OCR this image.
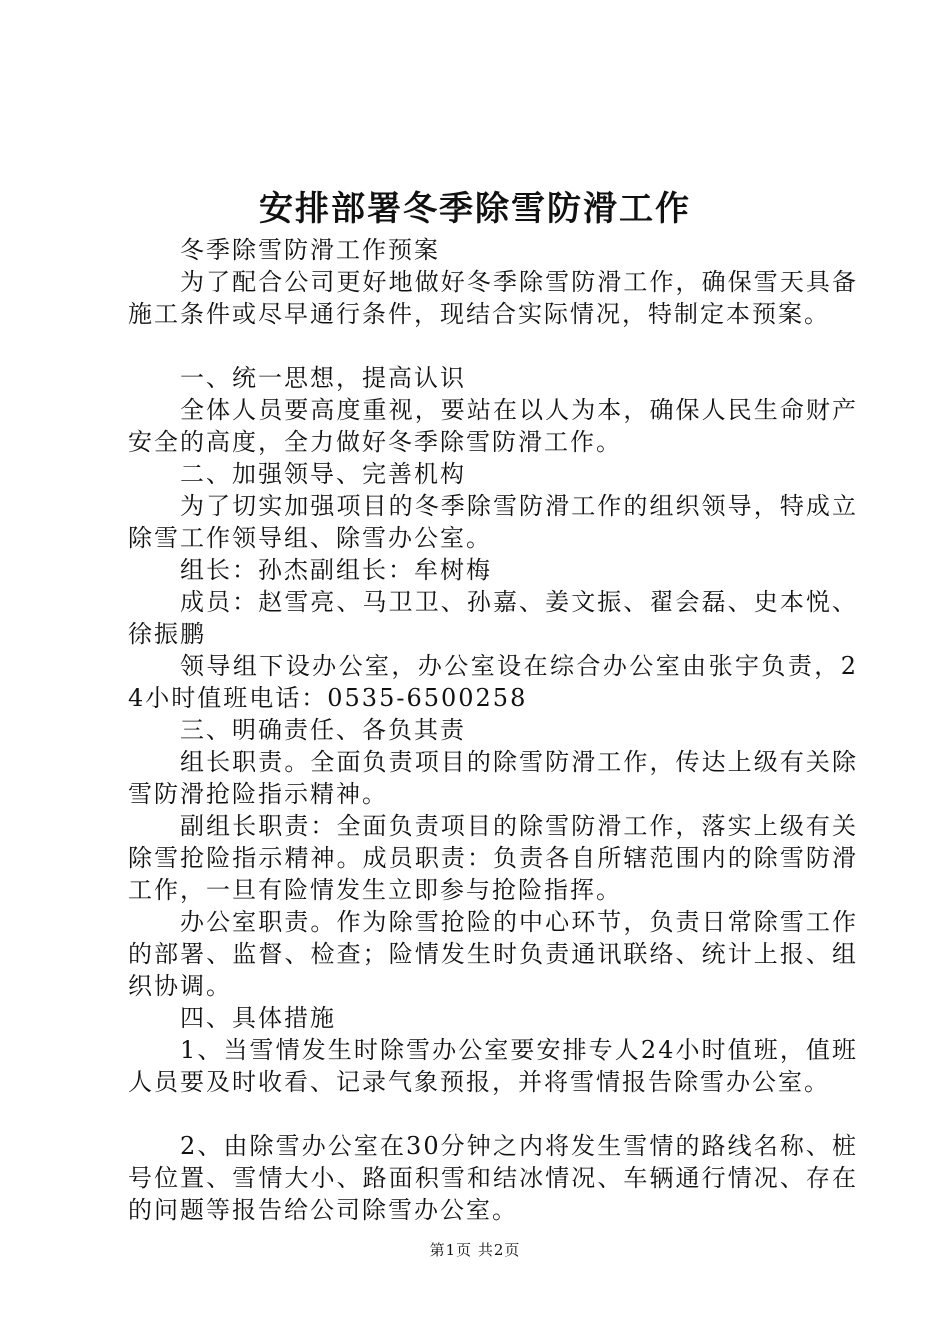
安排部署冬季除雪防滑工作

冬季除雪防滑工作预案

为了配合公司更好地做好冬季除雪防滑工作，确保雪天具备施工条件或尽早通行条件，现结合实际情况，特制定本预案。

一、统一思想，提高认识

全体人员要高度重视，要站在以人为本，确保人民生命财产安全的高度，全力做好冬季除雪防滑工作。

二、加强领导、完善机构

为了切实加强项目的冬季除雪防滑工作的组织领导，特成立除雪工作领导组、除雪办公室。

组长：孙杰副组长：牟树梅

成员：赵雪亮、马卫卫、孙嘉、姜文振、翟会磊、史本悦、徐振鹏

领导组下设办公室，办公室设在综合办公室由张宇负责，24小时值班电话：0535-6500258

三、明确责任、各负其责

组长职责。全面负责项目的除雪防滑工作，传达上级有关除雪防滑抢险指示精神。

副组长职责：全面负责项目的除雪防滑工作，落实上级有关除雪抢险指示精神。成员职责：负责各自所辖范围内的除雪防滑工作，一旦有险情发生立即参与抢险指挥。

办公室职责。作为除雪抢险的中心环节，负责日常除雪工作的部署、监督、检查；险情发生时负责通讯联络、统计上报、组织协调。

四、具体措施

1、当雪情发生时除雪办公室要安排专人24小时值班，值班人员要及时收看、记录气象预报，并将雪情报告除雪办公室。

2、由除雪办公室在30分钟之内将发生雪情的路线名称、桩号位置、雪情大小、路面积雪和结冰情况、车辆通行情况、存在的问题等报告给公司除雪办公室。

第1页 共2页
